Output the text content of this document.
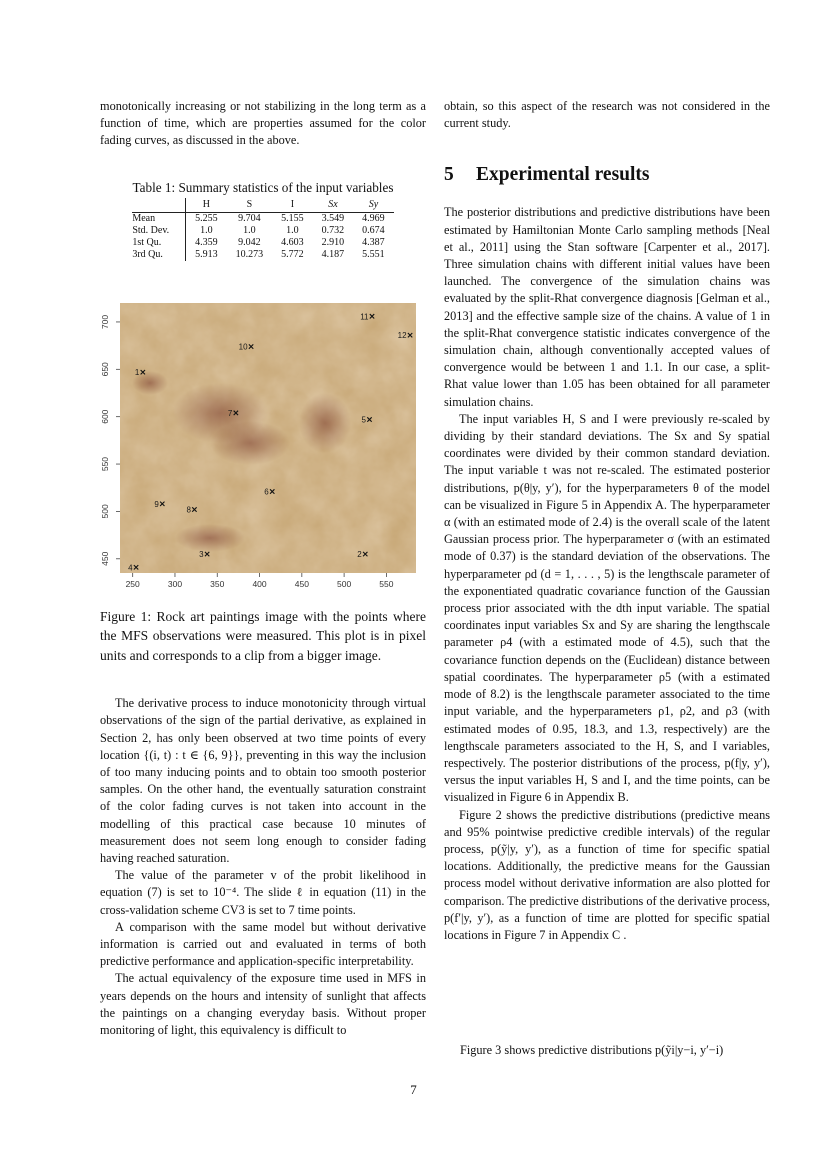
monotonically increasing or not stabilizing in the long term as a function of time, which are properties assumed for the color fading curves, as discussed in the above.

Table 1: Summary statistics of the input variables
	H	S	I	Sx	Sy
Mean	5.255	9.704	5.155	3.549	4.969
Std. Dev.	1.0	1.0	1.0	0.732	0.674
1st Qu.	4.359	9.042	4.603	2.910	4.387
3rd Qu.	5.913	10.273	5.772	4.187	5.551
250	300	350	400	450	500	550
450
500
550
600
650
700
1
2
3
4
5
6
7
8
9
10
11
12
Figure 1: Rock art paintings image with the points where the MFS observations were measured. This plot is in pixel units and corresponds to a clip from a bigger image.

The derivative process to induce monotonicity through virtual observations of the sign of the partial derivative, as explained in Section 2, has only been observed at two time points of every location {(i, t) : t ∈ {6, 9}}, preventing in this way the inclusion of too many inducing points and to obtain too smooth posterior samples. On the other hand, the eventually saturation constraint of the color fading curves is not taken into account in the modelling of this practical case because 10 minutes of measurement does not seem long enough to consider fading having reached saturation.

The value of the parameter v of the probit likelihood in equation (7) is set to 10⁻⁴. The slide ℓ in equation (11) in the cross-validation scheme CV3 is set to 7 time points.

A comparison with the same model but without derivative information is carried out and evaluated in terms of both predictive performance and application-specific interpretability.

The actual equivalency of the exposure time used in MFS in years depends on the hours and intensity of sunlight that affects the paintings on a changing everyday basis. Without proper monitoring of light, this equivalency is difficult to

obtain, so this aspect of the research was not considered in the current study.

5 Experimental results

The posterior distributions and predictive distributions have been estimated by Hamiltonian Monte Carlo sampling methods [Neal et al., 2011] using the Stan software [Carpenter et al., 2017]. Three simulation chains with different initial values have been launched. The convergence of the simulation chains was evaluated by the split-Rhat convergence diagnosis [Gelman et al., 2013] and the effective sample size of the chains. A value of 1 in the split-Rhat convergence statistic indicates convergence of the simulation chain, although conventionally accepted values of convergence would be between 1 and 1.1. In our case, a split-Rhat value lower than 1.05 has been obtained for all parameter simulation chains.

The input variables H, S and I were previously re-scaled by dividing by their standard deviations. The Sx and Sy spatial coordinates were divided by their common standard deviation. The input variable t was not re-scaled. The estimated posterior distributions, p(θ|y, y′), for the hyperparameters θ of the model can be visualized in Figure 5 in Appendix A. The hyperparameter α (with an estimated mode of 2.4) is the overall scale of the latent Gaussian process prior. The hyperparameter σ (with an estimated mode of 0.37) is the standard deviation of the observations. The hyperparameter ρd (d = 1, . . . , 5) is the lengthscale parameter of the exponentiated quadratic covariance function of the Gaussian process prior associated with the dth input variable. The spatial coordinates input variables Sx and Sy are sharing the lengthscale parameter ρ4 (with a estimated mode of 4.5), such that the covariance function depends on the (Euclidean) distance between spatial coordinates. The hyperparameter ρ5 (with a estimated mode of 8.2) is the lengthscale parameter associated to the time input variable, and the hyperparameters ρ1, ρ2, and ρ3 (with estimated modes of 0.95, 18.3, and 1.3, respectively) are the lengthscale parameters associated to the H, S, and I variables, respectively. The posterior distributions of the process, p(f|y, y′), versus the input variables H, S and I, and the time points, can be visualized in Figure 6 in Appendix B.

Figure 2 shows the predictive distributions (predictive means and 95% pointwise predictive credible intervals) of the regular process, p(ỹ|y, y′), as a function of time for specific spatial locations. Additionally, the predictive means for the Gaussian process model without derivative information are also plotted for comparison. The predictive distributions of the derivative process, p(f′|y, y′), as a function of time are plotted for specific spatial locations in Figure 7 in Appendix C .

Figure 3 shows predictive distributions p(ỹi|y−i, y′−i)
7
